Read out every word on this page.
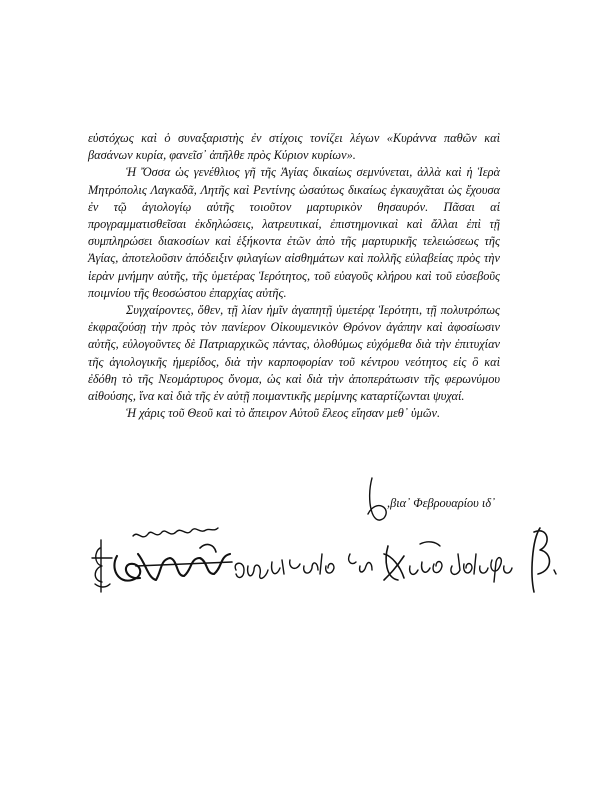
εὐστόχως καὶ ὁ συναξαριστὴς ἐν στίχοις τονίζει λέγων «Κυράννα παθῶν καὶ βασάνων κυρία, φανεῖσ᾽ ἀπῆλθε πρὸς Κύριον κυρίων».

Ἡ Ὄσσα ὡς γενέθλιος γῆ τῆς Ἁγίας δικαίως σεμνύνεται, ἀλλὰ καὶ ἡ Ἱερὰ Μητρόπολις Λαγκαδᾶ, Λητῆς καὶ Ρεντίνης ὡσαύτως δικαίως ἐγκαυχᾶται ὡς ἔχουσα ἐν τῷ ἁγιολογίῳ αὐτῆς τοιοῦτον μαρτυρικὸν θησαυρόν. Πᾶσαι αἱ προγραμματισθεῖσαι ἐκδηλώσεις, λατρευτικαί, ἐπιστημονικαὶ καὶ ἄλλαι ἐπὶ τῇ συμπληρώσει διακοσίων καὶ ἑξήκοντα ἐτῶν ἀπὸ τῆς μαρτυρικῆς τελειώσεως τῆς Ἁγίας, ἀποτελοῦσιν ἀπόδειξιν φιλαγίων αἰσθημάτων καὶ πολλῆς εὐλαβείας πρὸς τὴν ἱερὰν μνήμην αὐτῆς, τῆς ὑμετέρας Ἱερότητος, τοῦ εὐαγοῦς κλήρου καὶ τοῦ εὐσεβοῦς ποιμνίου τῆς θεοσώστου ἐπαρχίας αὐτῆς.

Συγχαίροντες, ὅθεν, τῇ λίαν ἡμῖν ἀγαπητῇ ὑμετέρᾳ Ἱερότητι, τῇ πολυτρόπως ἐκφραζούσῃ τὴν πρὸς τὸν πανίερον Οἰκουμενικὸν Θρόνον ἀγάπην καὶ ἀφοσίωσιν αὐτῆς, εὐλογοῦντες δὲ Πατριαρχικῶς πάντας, ὁλοθύμως εὐχόμεθα διὰ τὴν ἐπιτυχίαν τῆς ἁγιολογικῆς ἡμερίδος, διὰ τὴν καρποφορίαν τοῦ κέντρου νεότητος εἰς ὃ καὶ ἐδόθη τὸ τῆς Νεομάρτυρος ὄνομα, ὡς καὶ διὰ τὴν ἀποπεράτωσιν τῆς φερωνύμου αἰθούσης, ἵνα καὶ διὰ τῆς ἐν αὐτῇ ποιμαντικῆς μερίμνης καταρτίζωνται ψυχαί.

Ἡ χάρις τοῦ Θεοῦ καὶ τὸ ἄπειρον Αὐτοῦ ἔλεος εἴησαν μεθ᾽ ὑμῶν.

,βια᾽ Φεβρουαρίου ιδ᾽
